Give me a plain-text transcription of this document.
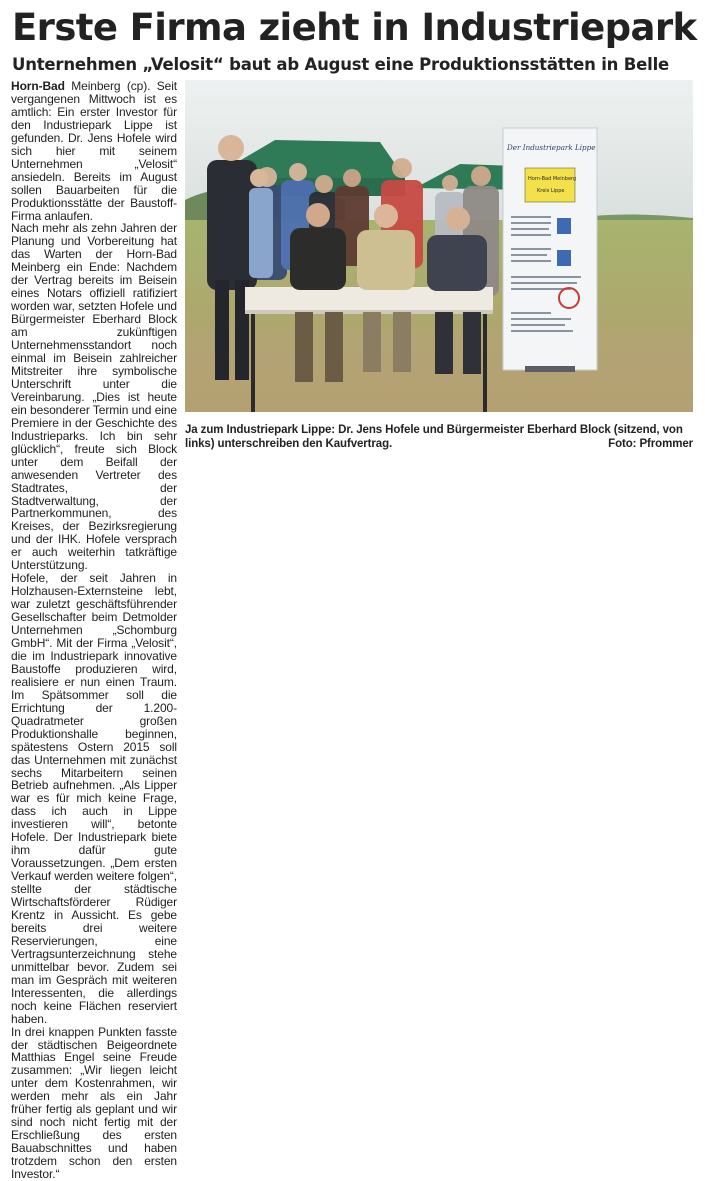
Erste Firma zieht in Industriepark
Unternehmen „Velosit“ baut ab August eine Produktionsstätten in Belle

Horn-Bad Meinberg (cp). Seit vergangenen Mittwoch ist es amtlich: Ein erster Investor für den Industriepark Lippe ist gefunden. Dr. Jens Hofele wird sich hier mit seinem Unternehmen „Velosit“ ansiedeln. Bereits im August sollen Bauarbeiten für die Produktionsstätte der Baustoff-Firma anlaufen.

Nach mehr als zehn Jahren der Planung und Vorbereitung hat das Warten der Horn-Bad Meinberg ein Ende: Nachdem der Vertrag bereits im Beisein eines Notars offiziell ratifiziert worden war, setzten Hofele und Bürgermeister Eberhard Block am zukünftigen Unternehmensstandort noch einmal im Beisein zahlreicher Mitstreiter ihre symbolische Unterschrift unter die Vereinbarung. „Dies ist heute ein besonderer Termin und eine Premiere in der Geschichte des Industrieparks. Ich bin sehr glücklich“, freute sich Block unter dem Beifall der anwesenden Vertreter des Stadtrates, der Stadtverwaltung, der Partnerkommunen, des Kreises, der Bezirksregierung und der IHK. Hofele versprach er auch weiterhin tatkräftige Unterstützung.

Hofele, der seit Jahren in Holzhausen-Externsteine lebt, war zuletzt geschäftsführender Gesellschafter beim Detmolder Unternehmen „Schomburg GmbH“. Mit der Firma „Velosit“, die im Industriepark innovative Baustoffe produzieren wird, realisiere er nun einen Traum. Im Spätsommer soll die Errichtung der 1.200-Quadratmeter großen Produktionshalle beginnen, spätestens Ostern 2015 soll das Unternehmen mit zunächst sechs Mitarbeitern seinen Betrieb aufnehmen. „Als Lipper war es für mich keine Frage, dass ich auch in Lippe investieren will“, betonte Hofele. Der Industriepark biete ihm dafür gute Voraussetzungen. „Dem ersten Verkauf werden weitere folgen“, stellte der städtische Wirtschaftsförderer Rüdiger Krentz in Aussicht. Es gebe bereits drei weitere Reservierungen, eine Vertragsunterzeichnung stehe unmittelbar bevor. Zudem sei man im Gespräch mit weiteren Interessenten, die allerdings noch keine Flächen reserviert haben.

In drei knappen Punkten fasste der städtischen Beigeordnete Matthias Engel seine Freude zusammen: „Wir liegen leicht unter dem Kostenrahmen, wir werden mehr als ein Jahr früher fertig als geplant und wir sind noch nicht fertig mit der Erschließung des ersten Bauabschnittes und haben trotzdem schon den ersten Investor.“

Der Industriepark Lippe
Horn-Bad Meinberg
Kreis Lippe
Ja zum Industriepark Lippe: Dr. Jens Hofele und Bürgermeister Eberhard Block (sitzend, von links) unterschreiben den Kaufvertrag.	Foto: Pfrommer
